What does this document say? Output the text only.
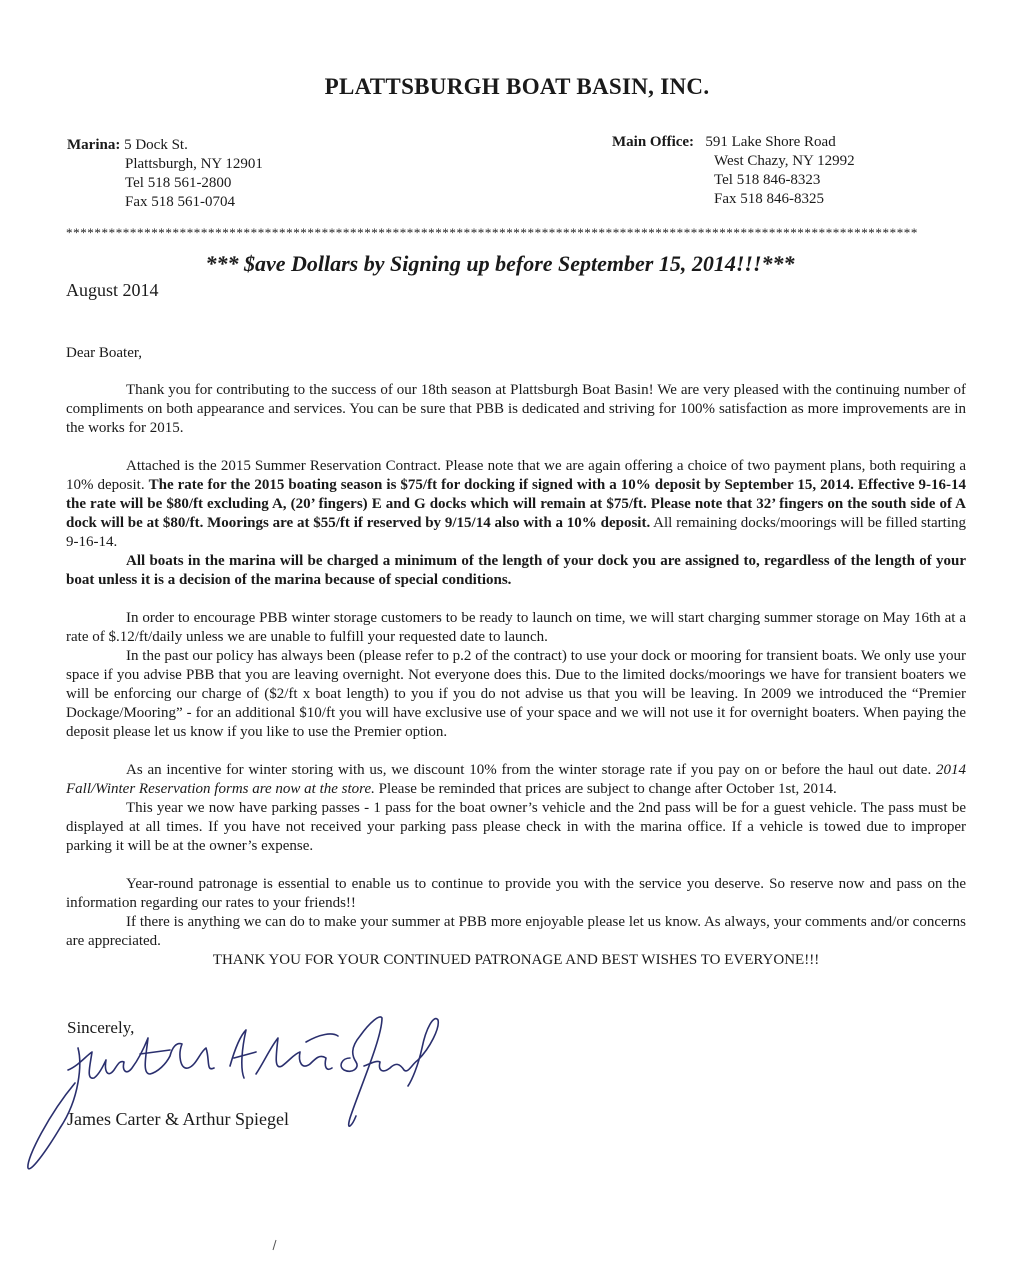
PLATTSBURGH BOAT BASIN, INC.
Marina: 5 Dock St.
Plattsburgh, NY 12901
Tel 518 561-2800
Fax 518 561-0704
Main Office: 591 Lake Shore Road
West Chazy, NY 12992
Tel 518 846-8323
Fax 518 846-8325
************************************************************************************************************************
*** $ave Dollars by Signing up before September 15, 2014!!!***
August 2014
Dear Boater,

Thank you for contributing to the success of our 18th season at Plattsburgh Boat Basin! We are very pleased with the continuing number of compliments on both appearance and services. You can be sure that PBB is dedicated and striving for 100% satisfaction as more improvements are in the works for 2015.

Attached is the 2015 Summer Reservation Contract. Please note that we are again offering a choice of two payment plans, both requiring a 10% deposit. The rate for the 2015 boating season is $75/ft for docking if signed with a 10% deposit by September 15, 2014. Effective 9-16-14 the rate will be $80/ft excluding A, (20’ fingers) E and G docks which will remain at $75/ft. Please note that 32’ fingers on the south side of A dock will be at $80/ft. Moorings are at $55/ft if reserved by 9/15/14 also with a 10% deposit. All remaining docks/moorings will be filled starting 9-16-14.

All boats in the marina will be charged a minimum of the length of your dock you are assigned to, regardless of the length of your boat unless it is a decision of the marina because of special conditions.

In order to encourage PBB winter storage customers to be ready to launch on time, we will start charging summer storage on May 16th at a rate of $.12/ft/daily unless we are unable to fulfill your requested date to launch.

In the past our policy has always been (please refer to p.2 of the contract) to use your dock or mooring for transient boats. We only use your space if you advise PBB that you are leaving overnight. Not everyone does this. Due to the limited docks/moorings we have for transient boaters we will be enforcing our charge of ($2/ft x boat length) to you if you do not advise us that you will be leaving. In 2009 we introduced the “Premier Dockage/Mooring” - for an additional $10/ft you will have exclusive use of your space and we will not use it for overnight boaters. When paying the deposit please let us know if you like to use the Premier option.

As an incentive for winter storing with us, we discount 10% from the winter storage rate if you pay on or before the haul out date. 2014 Fall/Winter Reservation forms are now at the store. Please be reminded that prices are subject to change after October 1st, 2014.

This year we now have parking passes - 1 pass for the boat owner’s vehicle and the 2nd pass will be for a guest vehicle. The pass must be displayed at all times. If you have not received your parking pass please check in with the marina office. If a vehicle is towed due to improper parking it will be at the owner’s expense.

Year-round patronage is essential to enable us to continue to provide you with the service you deserve. So reserve now and pass on the information regarding our rates to your friends!!

If there is anything we can do to make your summer at PBB more enjoyable please let us know. As always, your comments and/or concerns are appreciated.

THANK YOU FOR YOUR CONTINUED PATRONAGE AND BEST WISHES TO EVERYONE!!!

Sincerely,
James Carter Arthur Spiegel
James Carter & Arthur Spiegel
